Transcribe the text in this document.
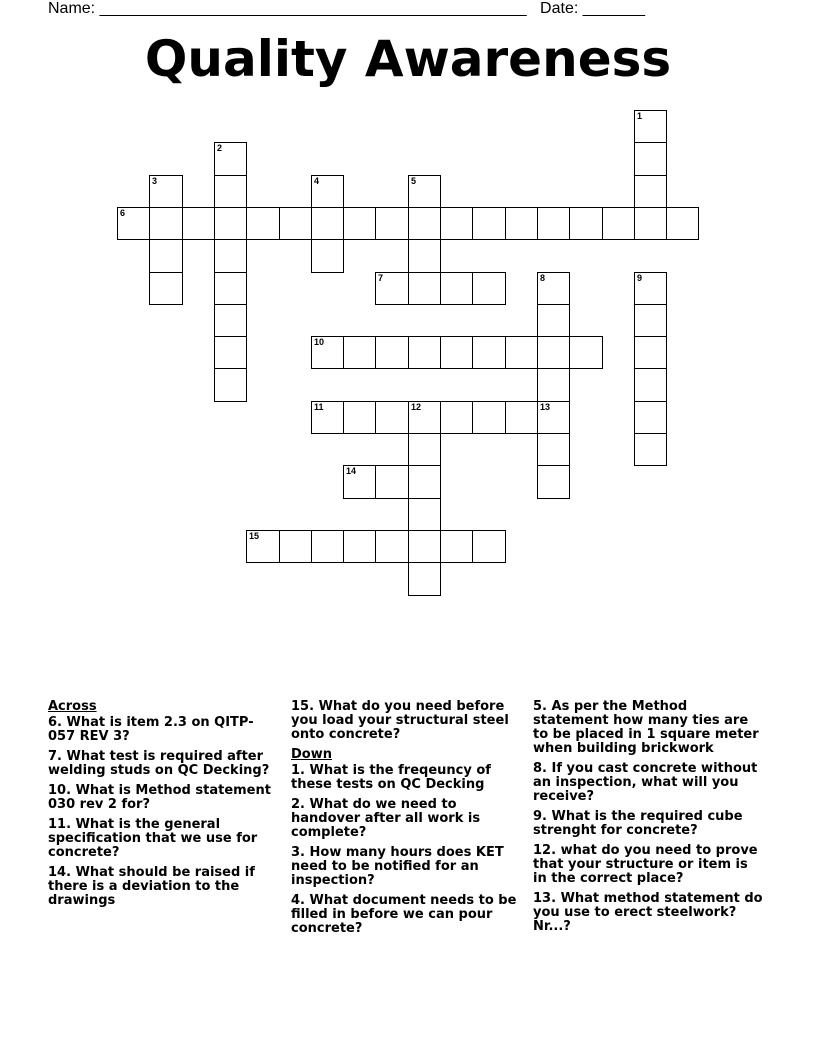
Name: ________________________________________________ Date: _______
Quality Awareness
1
2
3	4	5
6
7	8	9
10
11	12	13
14
15
Across
6. What is item 2.3 on QITP-057 REV 3?
7. What test is required after welding studs on QC Decking?
10. What is Method statement 030 rev 2 for?
11. What is the general specification that we use for concrete?
14. What should be raised if there is a deviation to the drawings
15. What do you need before you load your structural steel onto concrete?
Down
1. What is the freqeuncy of these tests on QC Decking
2. What do we need to handover after all work is complete?
3. How many hours does KET need to be notified for an inspection?
4. What document needs to be filled in before we can pour concrete?
5. As per the Method statement how many ties are to be placed in 1 square meter when building brickwork
8. If you cast concrete without an inspection, what will you receive?
9. What is the required cube strenght for concrete?
12. what do you need to prove that your structure or item is in the correct place?
13. What method statement do you use to erect steelwork? Nr...?
